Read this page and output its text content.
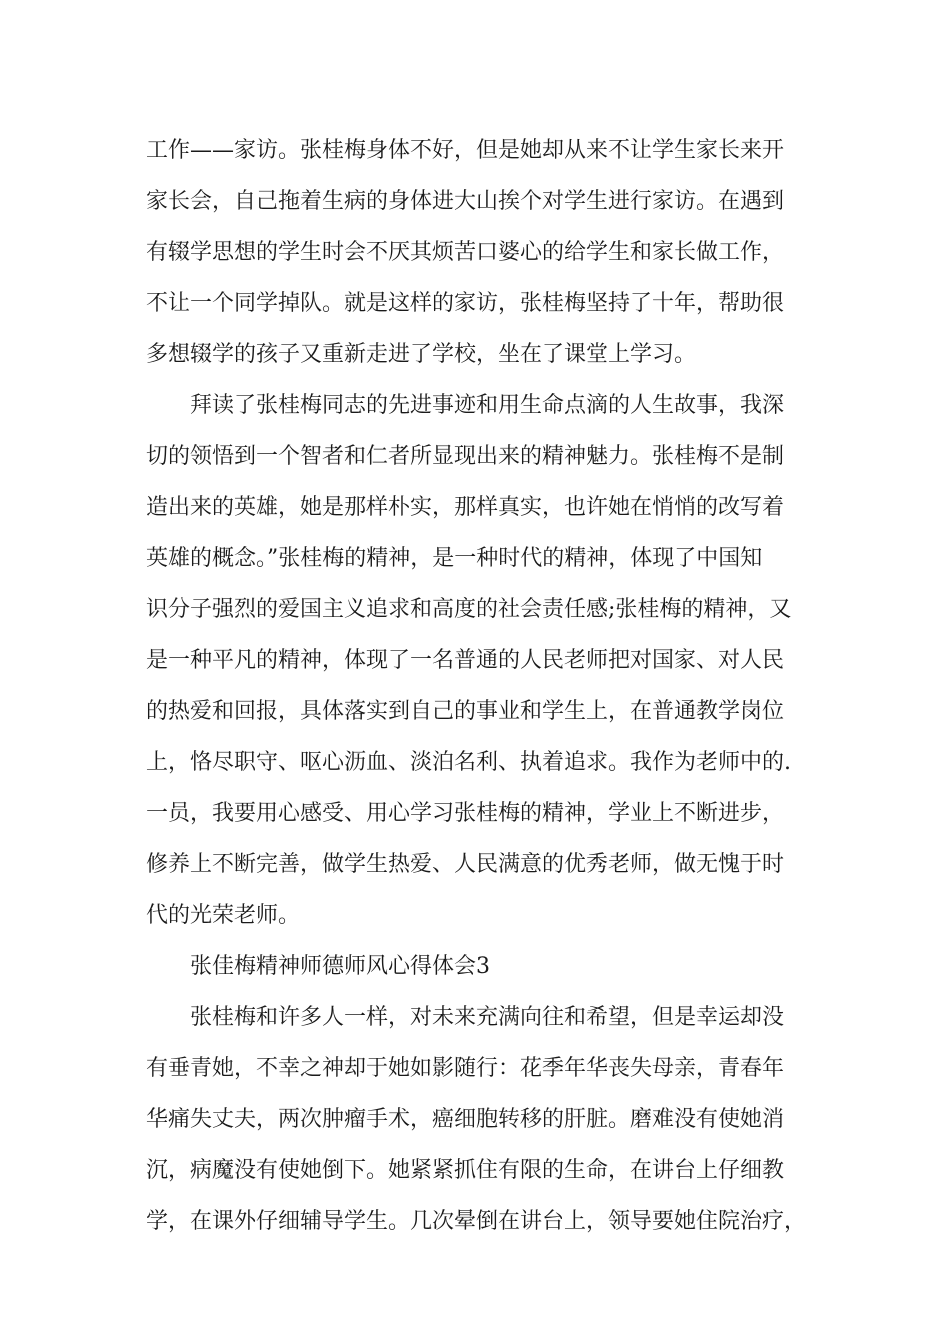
工作——家访。张桂梅身体不好，但是她却从来不让学生家长来开
家长会，自己拖着生病的身体进大山挨个对学生进行家访。在遇到
有辍学思想的学生时会不厌其烦苦口婆心的给学生和家长做工作，
不让一个同学掉队。就是这样的家访，张桂梅坚持了十年，帮助很
多想辍学的孩子又重新走进了学校，坐在了课堂上学习。
拜读了张桂梅同志的先进事迹和用生命点滴的人生故事，我深
切的领悟到一个智者和仁者所显现出来的精神魅力。张桂梅不是制
造出来的英雄，她是那样朴实，那样真实，也许她在悄悄的改写着
英雄的概念。”张桂梅的精神，是一种时代的精神，体现了中国知
识分子强烈的爱国主义追求和高度的社会责任感;张桂梅的精神，又
是一种平凡的精神，体现了一名普通的人民老师把对国家、对人民
的热爱和回报，具体落实到自己的事业和学生上，在普通教学岗位
上，恪尽职守、呕心沥血、淡泊名利、执着追求。我作为老师中的.
一员，我要用心感受、用心学习张桂梅的精神，学业上不断进步，
修养上不断完善，做学生热爱、人民满意的优秀老师，做无愧于时
代的光荣老师。
张佳梅精神师德师风心得体会3
张桂梅和许多人一样，对未来充满向往和希望，但是幸运却没
有垂青她，不幸之神却于她如影随行：花季年华丧失母亲，青春年
华痛失丈夫，两次肿瘤手术，癌细胞转移的肝脏。磨难没有使她消
沉，病魔没有使她倒下。她紧紧抓住有限的生命，在讲台上仔细教
学，在课外仔细辅导学生。几次晕倒在讲台上，领导要她住院治疗，
